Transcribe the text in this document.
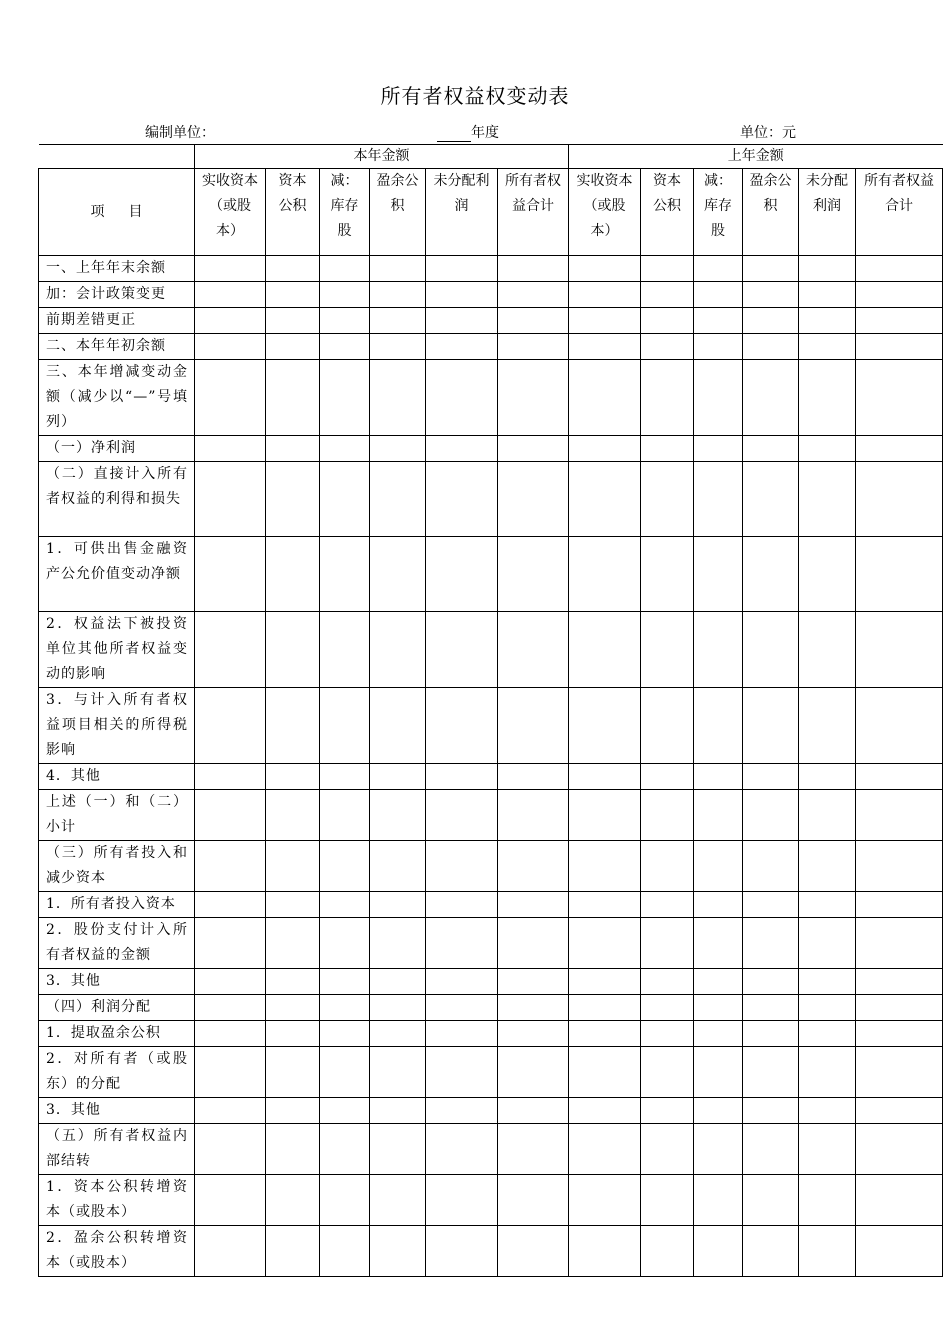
所有者权益权变动表
编制单位：	年度	单位：元
	本年金额						上年金额					
项目	实收资本（或股本）	资本公积	减：库存股	盈余公积	未分配利润	所有者权益合计	实收资本（或股本）	资本公积	减：库存股	盈余公积	未分配利润	所有者权益合计
一、上年年末余额												
加：会计政策变更												
前期差错更正												
二、本年年初余额												
三、本年增减变动金额（减少以“—”号填列）												
（一）净利润												
（二）直接计入所有者权益的利得和损失												
1．可供出售金融资产公允价值变动净额												
2．权益法下被投资单位其他所者权益变动的影响												
3．与计入所有者权益项目相关的所得税影响												
4．其他												
上述（一）和（二）小计												
（三）所有者投入和减少资本												
1．所有者投入资本												
2．股份支付计入所有者权益的金额												
3．其他												
（四）利润分配												
1．提取盈余公积												
2．对所有者（或股东）的分配												
3．其他												
（五）所有者权益内部结转												
1．资本公积转增资本（或股本）												
2．盈余公积转增资本（或股本）												
